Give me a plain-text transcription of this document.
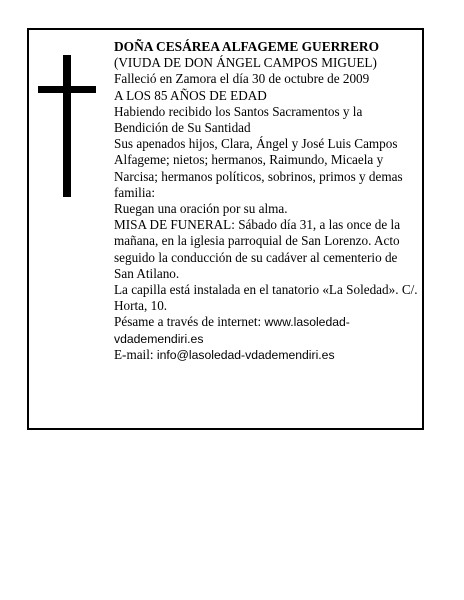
DOÑA CESÁREA ALFAGEME GUERRERO

(VIUDA DE DON ÁNGEL CAMPOS MIGUEL)

Falleció en Zamora el día 30 de octubre de 2009

A LOS 85 AÑOS DE EDAD

Habiendo recibido los Santos Sacramentos y la Bendición de Su Santidad

Sus apenados hijos, Clara, Ángel y José Luis Campos Alfageme; nietos; hermanos, Raimundo, Micaela y Narcisa; hermanos políticos, sobrinos, primos y demas familia:

Ruegan una oración por su alma.

MISA DE FUNERAL: Sábado día 31, a las once de la mañana, en la iglesia parroquial de San Lorenzo. Acto seguido la conducción de su cadáver al cementerio de San Atilano.

La capilla está instalada en el tanatorio «La Soledad». C/. Horta, 10.

Pésame a través de internet: www.lasoledad-vdademendiri.es

E-mail: info@lasoledad-vdademendiri.es
